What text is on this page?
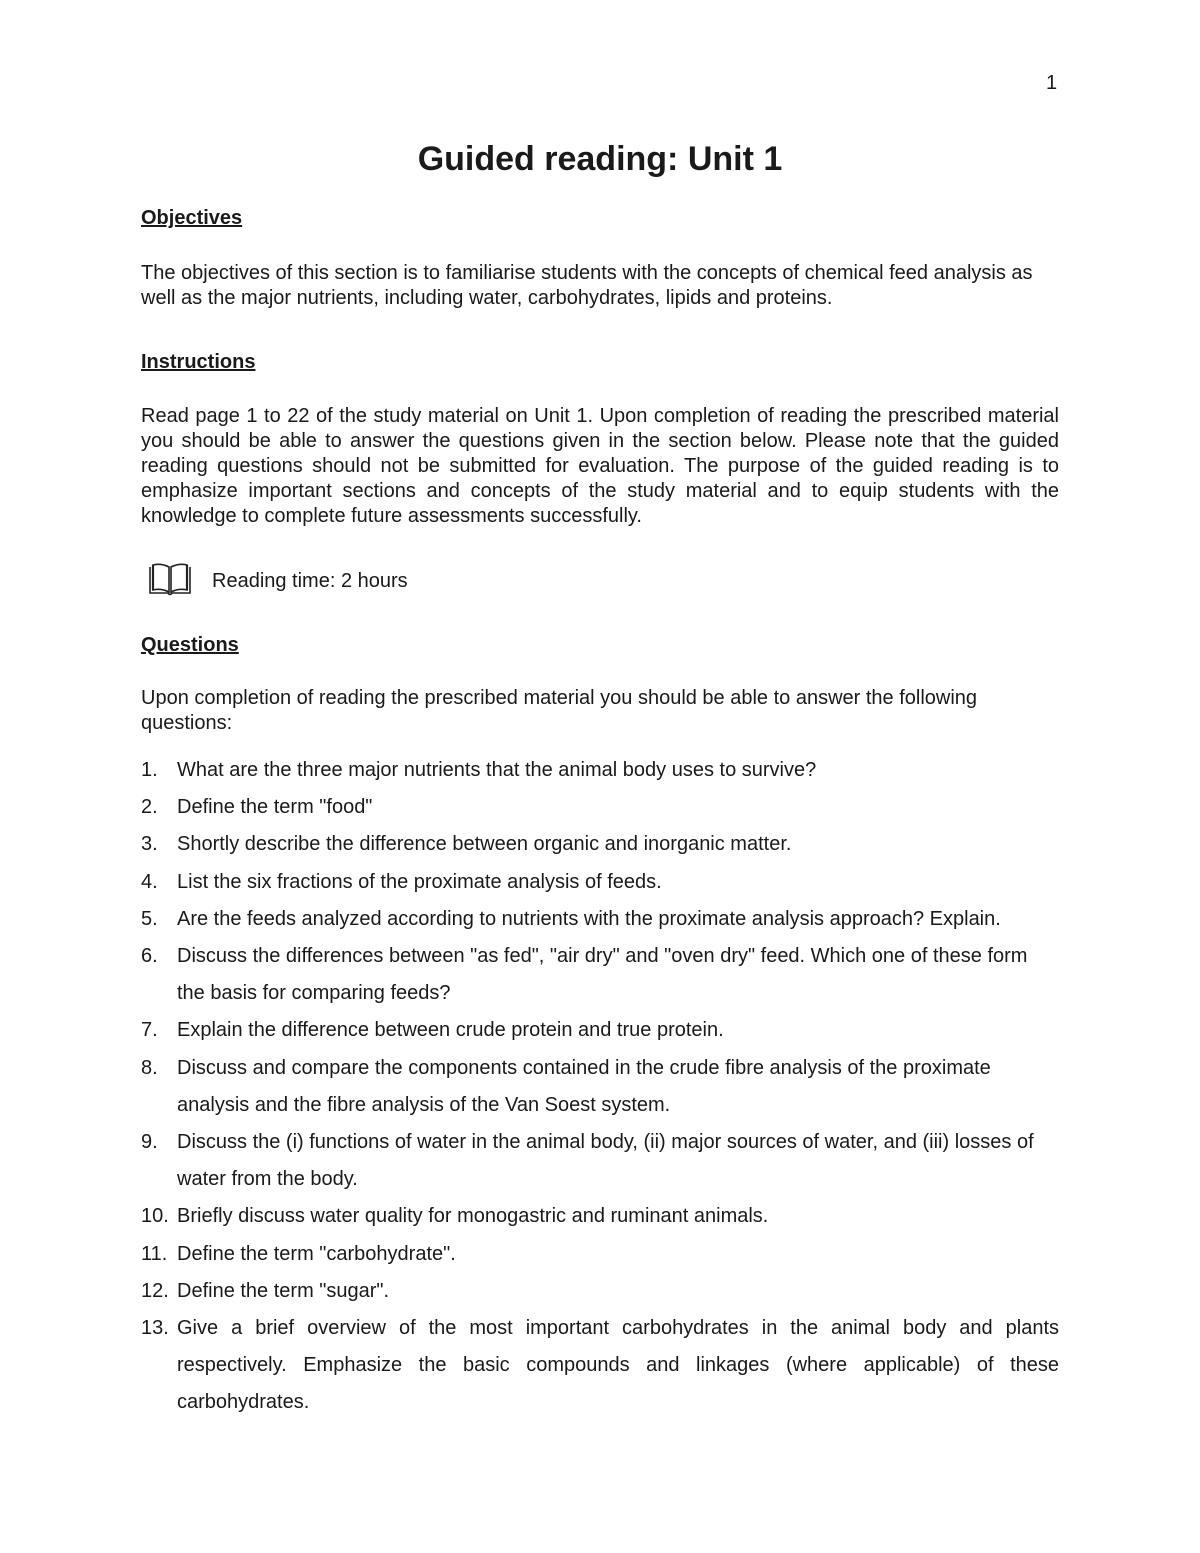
1
Guided reading: Unit 1
Objectives

The objectives of this section is to familiarise students with the concepts of chemical feed analysis as well as the major nutrients, including water, carbohydrates, lipids and proteins.

Instructions

Read page 1 to 22 of the study material on Unit 1. Upon completion of reading the prescribed material you should be able to answer the questions given in the section below. Please note that the guided reading questions should not be submitted for evaluation. The purpose of the guided reading is to emphasize important sections and concepts of the study material and to equip students with the knowledge to complete future assessments successfully.

Reading time: 2 hours
Questions

Upon completion of reading the prescribed material you should be able to answer the following questions:

1. What are the three major nutrients that the animal body uses to survive?
2. Define the term "food"
3. Shortly describe the difference between organic and inorganic matter.
4. List the six fractions of the proximate analysis of feeds.
5. Are the feeds analyzed according to nutrients with the proximate analysis approach? Explain.
6. Discuss the differences between "as fed", "air dry" and "oven dry" feed. Which one of these form the basis for comparing feeds?
7. Explain the difference between crude protein and true protein.
8. Discuss and compare the components contained in the crude fibre analysis of the proximate analysis and the fibre analysis of the Van Soest system.
9. Discuss the (i) functions of water in the animal body, (ii) major sources of water, and (iii) losses of water from the body.
10. Briefly discuss water quality for monogastric and ruminant animals.
11. Define the term "carbohydrate".
12. Define the term "sugar".
13. Give a brief overview of the most important carbohydrates in the animal body and plants respectively. Emphasize the basic compounds and linkages (where applicable) of these carbohydrates.
